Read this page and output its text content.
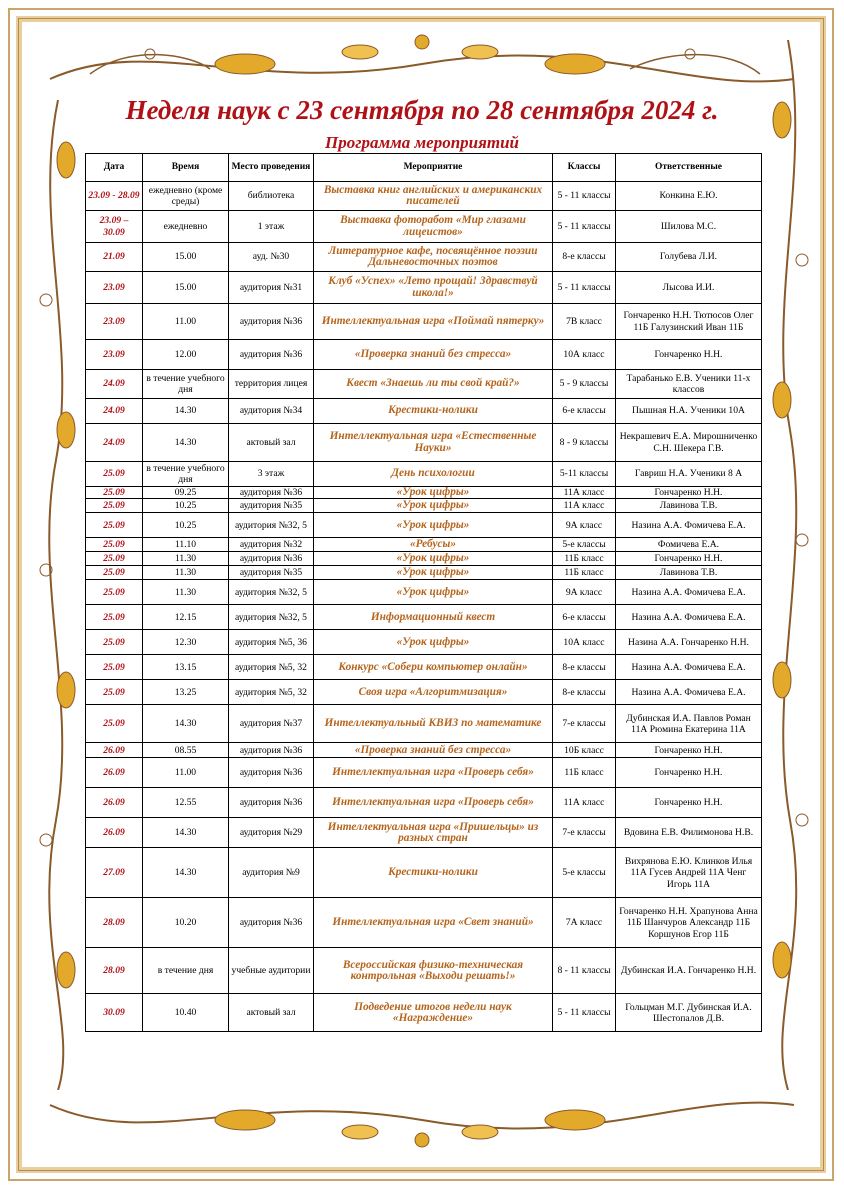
Неделя наук с 23 сентября по 28 сентября 2024 г.
Программа мероприятий
Дата	Время	Место проведения	Мероприятие	Классы	Ответственные
23.09 - 28.09	ежедневно (кроме среды)	библиотека	Выставка книг английских и американских писателей	5 - 11 классы	Конкина Е.Ю.
23.09 – 30.09	ежедневно	1 этаж	Выставка фоторабот «Мир глазами лицеистов»	5 - 11 классы	Шилова М.С.
21.09	15.00	ауд. №30	Литературное кафе, посвящённое поэзии Дальневосточных поэтов	8-е классы	Голубева Л.И.
23.09	15.00	аудитория №31	Клуб «Успех» «Лето прощай! Здравствуй школа!»	5 - 11 классы	Лысова И.И.
23.09	11.00	аудитория №36	Интеллектуальная игра «Поймай пятерку»	7В класс	Гончаренко Н.Н. Тютюсов Олег 11Б Галузинский Иван 11Б
23.09	12.00	аудитория №36	«Проверка знаний без стресса»	10А класс	Гончаренко Н.Н.
24.09	в течение учебного дня	территория лицея	Квест «Знаешь ли ты свой край?»	5 - 9 классы	Тарабанько Е.В. Ученики 11-х классов
24.09	14.30	аудитория №34	Крестики-нолики	6-е классы	Пышная Н.А. Ученики 10А
24.09	14.30	актовый зал	Интеллектуальная игра «Естественные Науки»	8 - 9 классы	Некрашевич Е.А. Мирошниченко С.Н. Шекера Г.В.
25.09	в течение учебного дня	3 этаж	День психологии	5-11 классы	Гавриш Н.А. Ученики 8 А
25.09	09.25	аудитория №36	«Урок цифры»	11А класс	Гончаренко Н.Н.
25.09	10.25	аудитория №35	«Урок цифры»	11А класс	Лавинова Т.В.
25.09	10.25	аудитория №32, 5	«Урок цифры»	9А класс	Назина А.А. Фомичева Е.А.
25.09	11.10	аудитория №32	«Ребусы»	5-е классы	Фомичева Е.А.
25.09	11.30	аудитория №36	«Урок цифры»	11Б класс	Гончаренко Н.Н.
25.09	11.30	аудитория №35	«Урок цифры»	11Б класс	Лавинова Т.В.
25.09	11.30	аудитория №32, 5	«Урок цифры»	9А класс	Назина А.А. Фомичева Е.А.
25.09	12.15	аудитория №32, 5	Информационный квест	6-е классы	Назина А.А. Фомичева Е.А.
25.09	12.30	аудитория №5, 36	«Урок цифры»	10А класс	Назина А.А. Гончаренко Н.Н.
25.09	13.15	аудитория №5, 32	Конкурс «Собери компьютер онлайн»	8-е классы	Назина А.А. Фомичева Е.А.
25.09	13.25	аудитория №5, 32	Своя игра «Алгоритмизация»	8-е классы	Назина А.А. Фомичева Е.А.
25.09	14.30	аудитория №37	Интеллектуальный КВИЗ по математике	7-е классы	Дубинская И.А. Павлов Роман 11А Рюмина Екатерина 11А
26.09	08.55	аудитория №36	«Проверка знаний без стресса»	10Б класс	Гончаренко Н.Н.
26.09	11.00	аудитория №36	Интеллектуальная игра «Проверь себя»	11Б класс	Гончаренко Н.Н.
26.09	12.55	аудитория №36	Интеллектуальная игра «Проверь себя»	11А класс	Гончаренко Н.Н.
26.09	14.30	аудитория №29	Интеллектуальная игра «Пришельцы» из разных стран	7-е классы	Вдовина Е.В. Филимонова Н.В.
27.09	14.30	аудитория №9	Крестики-нолики	5-е классы	Вихрянова Е.Ю. Клинков Илья 11А Гусев Андрей 11А Ченг Игорь 11А
28.09	10.20	аудитория №36	Интеллектуальная игра «Свет знаний»	7А класс	Гончаренко Н.Н. Храпунова Анна 11Б Шанчуров Александр 11Б Коршунов Егор 11Б
28.09	в течение дня	учебные аудитории	Всероссийская физико-техническая контрольная «Выходи решать!»	8 - 11 классы	Дубинская И.А. Гончаренко Н.Н.
30.09	10.40	актовый зал	Подведение итогов недели наук «Награждение»	5 - 11 классы	Гольцман М.Г. Дубинская И.А. Шестопалов Д.В.
